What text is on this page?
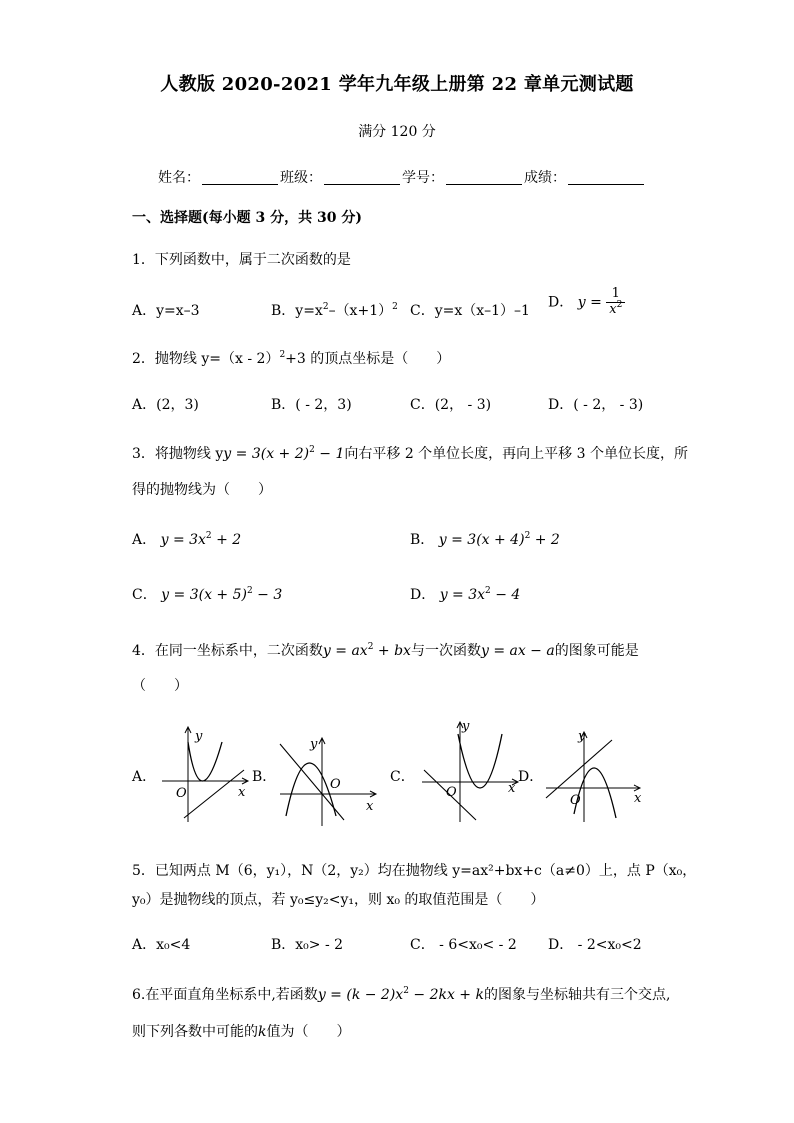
人教版 2020-2021 学年九年级上册第 22 章单元测试题
满分 120 分
姓名：	班级：	学号：	成绩：
一、选择题(每小题 3 分，共 30 分)
1．下列函数中，属于二次函数的是
A．y=x–3	B．$y=x^2-(x+1)^2$ C．y=x（x–1）–1
D． $y = \frac{1}{x^2}$
2．抛物线 y=（x - 2）$^2$+3 的顶点坐标是（　　）
A．(2，3)	B．( - 2，3)	C．(2， - 3)	D．( - 2， - 3)
3．将抛物线 yy = $3(x + 2)^2 - 1$向右平移 2 个单位长度，再向上平移 3 个单位长度，所
得的抛物线为（　　）
A． $y = 3x^2 + 2$	B． $y = 3(x + 4)^2 + 2$
C． $y = 3(x + 5)^2 - 3$	D． $y = 3x^2 - 4$
4．在同一坐标系中，二次函数$y = ax^2$ + bx与一次函数y = ax − a的图象可能是
（　　）
A．	B．	C．	D．
y
x
O
y
x
O
y
x
O
y
x
O
5．已知两点 M（6，y₁），N（2，y₂）均在抛物线 y=ax²+bx+c（a≠0）上，点 P（x₀，
y₀）是抛物线的顶点，若 y₀≤y₂<y₁，则 x₀ 的取值范围是（　　）
A．x₀<4	B．x₀> - 2	C． - 6<x₀< - 2 D． - 2<x₀<2
6.在平面直角坐标系中,若函数$y = (k - 2)x^2 - 2kx + k$的图象与坐标轴共有三个交点,
则下列各数中可能的k值为（　　）
